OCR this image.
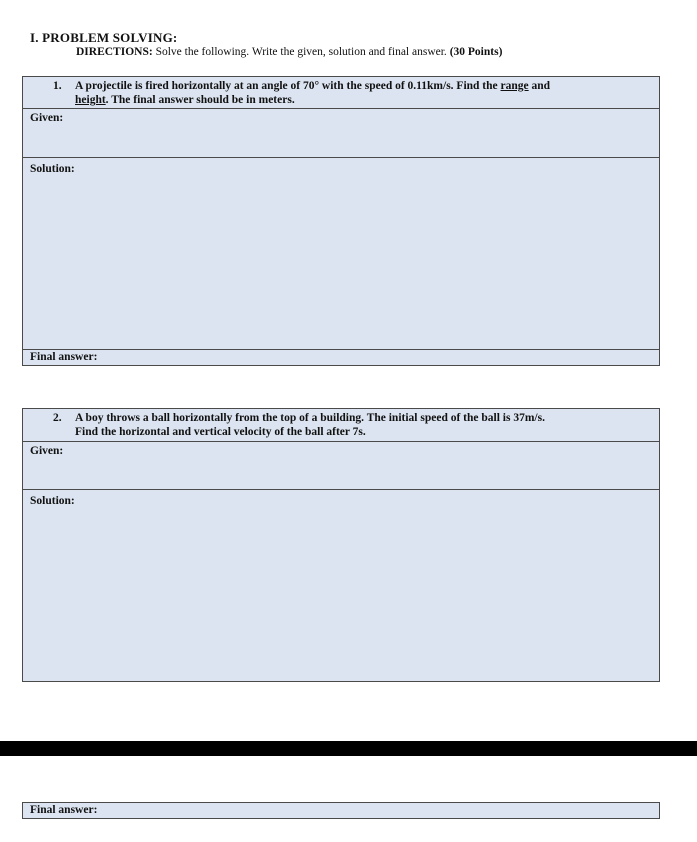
I. PROBLEM SOLVING:
DIRECTIONS: Solve the following. Write the given, solution and final answer. (30 Points)
1.	A projectile is fired horizontally at an angle of 70° with the speed of 0.11km/s. Find the range and
height. The final answer should be in meters.
Given:
Solution:
Final answer:
2.	A boy throws a ball horizontally from the top of a building. The initial speed of the ball is 37m/s.
Find the horizontal and vertical velocity of the ball after 7s.
Given:
Solution:
Final answer:
